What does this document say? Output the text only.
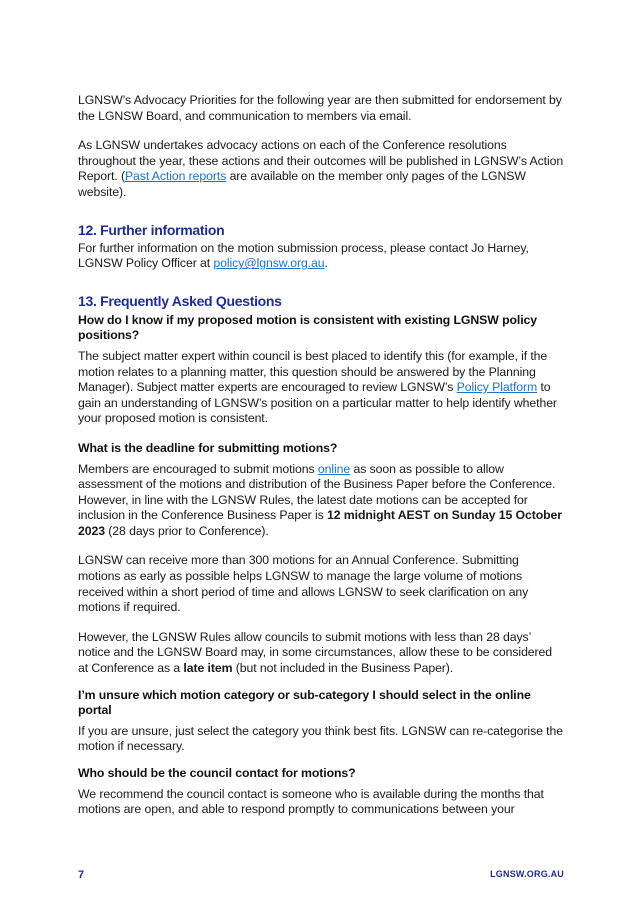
LGNSW’s Advocacy Priorities for the following year are then submitted for endorsement by the LGNSW Board, and communication to members via email.

As LGNSW undertakes advocacy actions on each of the Conference resolutions throughout the year, these actions and their outcomes will be published in LGNSW’s Action Report. (Past Action reports are available on the member only pages of the LGNSW website).

12. Further information

For further information on the motion submission process, please contact Jo Harney, LGNSW Policy Officer at policy@lgnsw.org.au.

13. Frequently Asked Questions

How do I know if my proposed motion is consistent with existing LGNSW policy positions?

The subject matter expert within council is best placed to identify this (for example, if the motion relates to a planning matter, this question should be answered by the Planning Manager). Subject matter experts are encouraged to review LGNSW’s Policy Platform to gain an understanding of LGNSW’s position on a particular matter to help identify whether your proposed motion is consistent.

What is the deadline for submitting motions?

Members are encouraged to submit motions online as soon as possible to allow assessment of the motions and distribution of the Business Paper before the Conference. However, in line with the LGNSW Rules, the latest date motions can be accepted for inclusion in the Conference Business Paper is 12 midnight AEST on Sunday 15 October 2023 (28 days prior to Conference).

LGNSW can receive more than 300 motions for an Annual Conference. Submitting motions as early as possible helps LGNSW to manage the large volume of motions received within a short period of time and allows LGNSW to seek clarification on any motions if required.

However, the LGNSW Rules allow councils to submit motions with less than 28 days’ notice and the LGNSW Board may, in some circumstances, allow these to be considered at Conference as a late item (but not included in the Business Paper).

I’m unsure which motion category or sub-category I should select in the online portal

If you are unsure, just select the category you think best fits. LGNSW can re-categorise the motion if necessary.

Who should be the council contact for motions?

We recommend the council contact is someone who is available during the months that motions are open, and able to respond promptly to communications between your

7	LGNSW.ORG.AU
